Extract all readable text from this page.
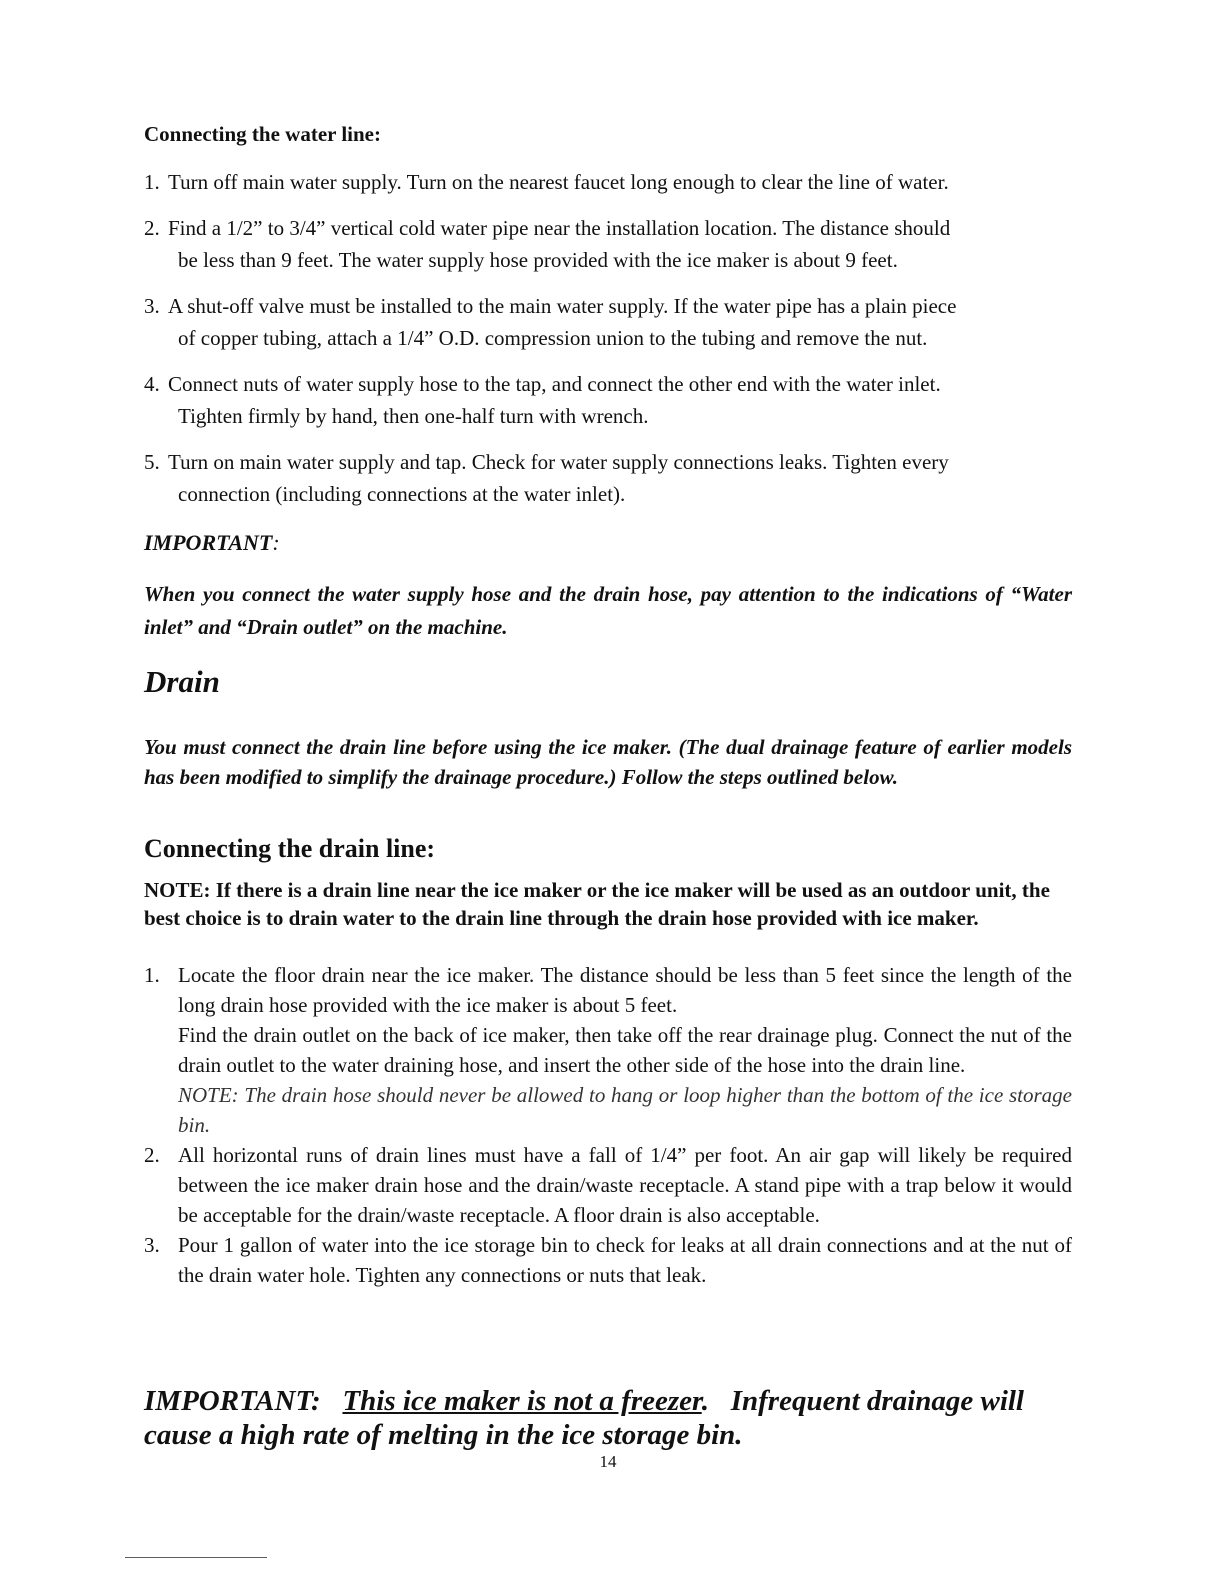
Connecting the water line:
1. Turn off main water supply. Turn on the nearest faucet long enough to clear the line of water.
2. Find a 1/2” to 3/4” vertical cold water pipe near the installation location. The distance should
be less than 9 feet. The water supply hose provided with the ice maker is about 9 feet.
3. A shut-off valve must be installed to the main water supply. If the water pipe has a plain piece
of copper tubing, attach a 1/4” O.D. compression union to the tubing and remove the nut.
4. Connect nuts of water supply hose to the tap, and connect the other end with the water inlet.
Tighten firmly by hand, then one-half turn with wrench.
5. Turn on main water supply and tap. Check for water supply connections leaks. Tighten every
connection (including connections at the water inlet).
IMPORTANT:
When you connect the water supply hose and the drain hose, pay attention to the indications of “Water inlet” and “Drain outlet” on the machine.
Drain
You must connect the drain line before using the ice maker. (The dual drainage feature of earlier models has been modified to simplify the drainage procedure.) Follow the steps outlined below.
Connecting the drain line:
NOTE: If there is a drain line near the ice maker or the ice maker will be used as an outdoor unit, the best choice is to drain water to the drain line through the drain hose provided with ice maker.
1. Locate the floor drain near the ice maker. The distance should be less than 5 feet since the length of the long drain hose provided with the ice maker is about 5 feet.

Find the drain outlet on the back of ice maker, then take off the rear drainage plug. Connect the nut of the drain outlet to the water draining hose, and insert the other side of the hose into the drain line.

NOTE: The drain hose should never be allowed to hang or loop higher than the bottom of the ice storage bin.

2. All horizontal runs of drain lines must have a fall of 1/4” per foot. An air gap will likely be required between the ice maker drain hose and the drain/waste receptacle. A stand pipe with a trap below it would be acceptable for the drain/waste receptacle. A floor drain is also acceptable.

3. Pour 1 gallon of water into the ice storage bin to check for leaks at all drain connections and at the nut of the drain water hole. Tighten any connections or nuts that leak.

IMPORTANT: This ice maker is not a freezer. Infrequent drainage will cause a high rate of melting in the ice storage bin.
14
